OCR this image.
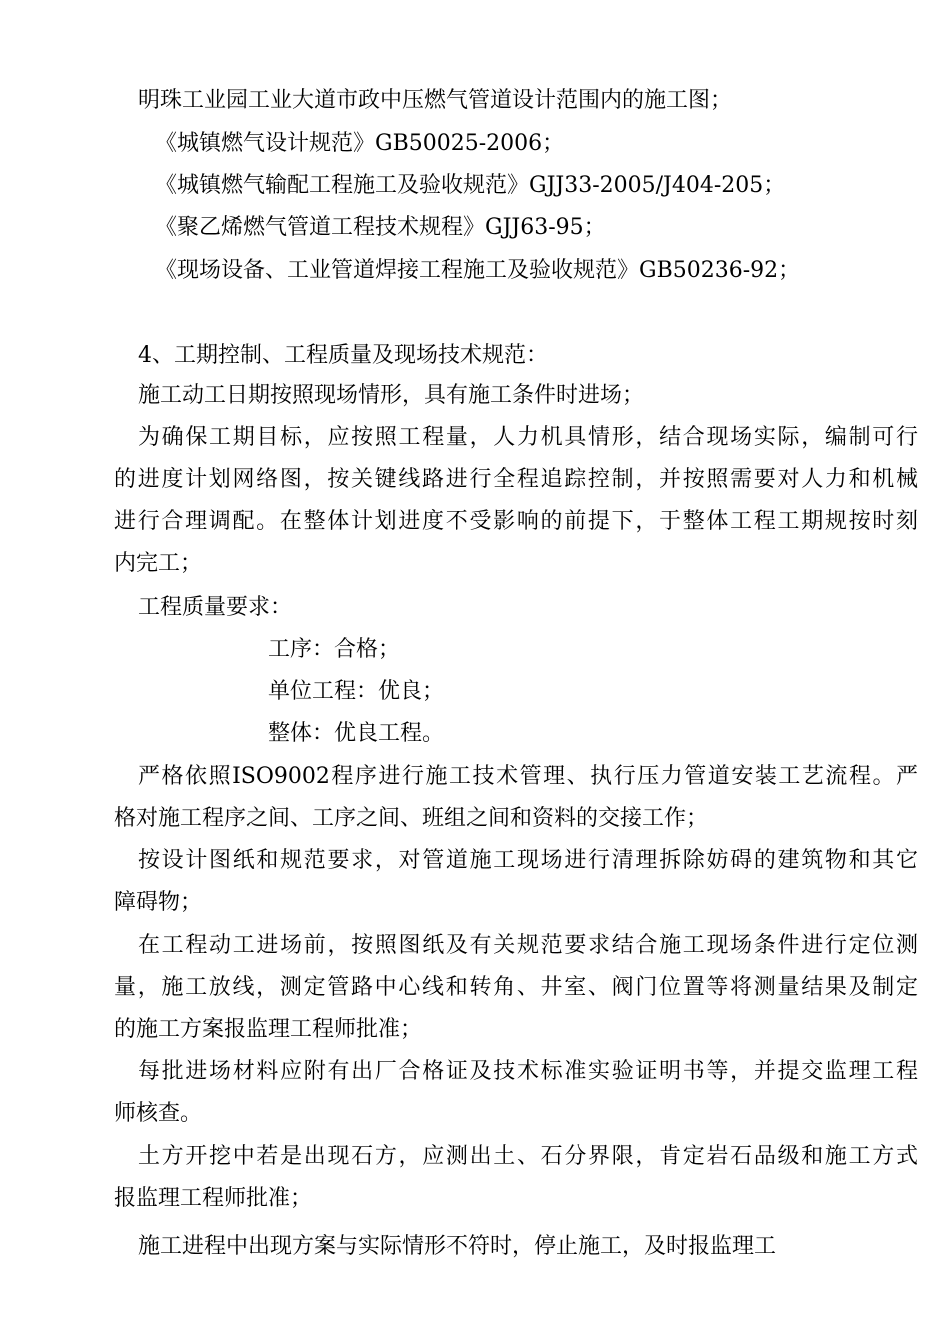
明珠工业园工业大道市政中压燃气管道设计范围内的施工图；
《城镇燃气设计规范》GB50025-2006；
《城镇燃气输配工程施工及验收规范》GJJ33-2005/J404-205；
《聚乙烯燃气管道工程技术规程》GJJ63-95；
《现场设备、工业管道焊接工程施工及验收规范》GB50236-92；
4、工期控制、工程质量及现场技术规范：
施工动工日期按照现场情形，具有施工条件时进场；
为确保工期目标，应按照工程量，人力机具情形，结合现场实际，编制可行
的进度计划网络图，按关键线路进行全程追踪控制，并按照需要对人力和机械
进行合理调配。在整体计划进度不受影响的前提下，于整体工程工期规按时刻
内完工；
工程质量要求：
工序：合格；
单位工程：优良；
整体：优良工程。
严格依照ISO9002程序进行施工技术管理、执行压力管道安装工艺流程。严
格对施工程序之间、工序之间、班组之间和资料的交接工作；
按设计图纸和规范要求，对管道施工现场进行清理拆除妨碍的建筑物和其它
障碍物；
在工程动工进场前，按照图纸及有关规范要求结合施工现场条件进行定位测
量，施工放线，测定管路中心线和转角、井室、阀门位置等将测量结果及制定
的施工方案报监理工程师批准；
每批进场材料应附有出厂合格证及技术标准实验证明书等，并提交监理工程
师核查。
土方开挖中若是出现石方，应测出土、石分界限，肯定岩石品级和施工方式
报监理工程师批准；
施工进程中出现方案与实际情形不符时，停止施工，及时报监理工
